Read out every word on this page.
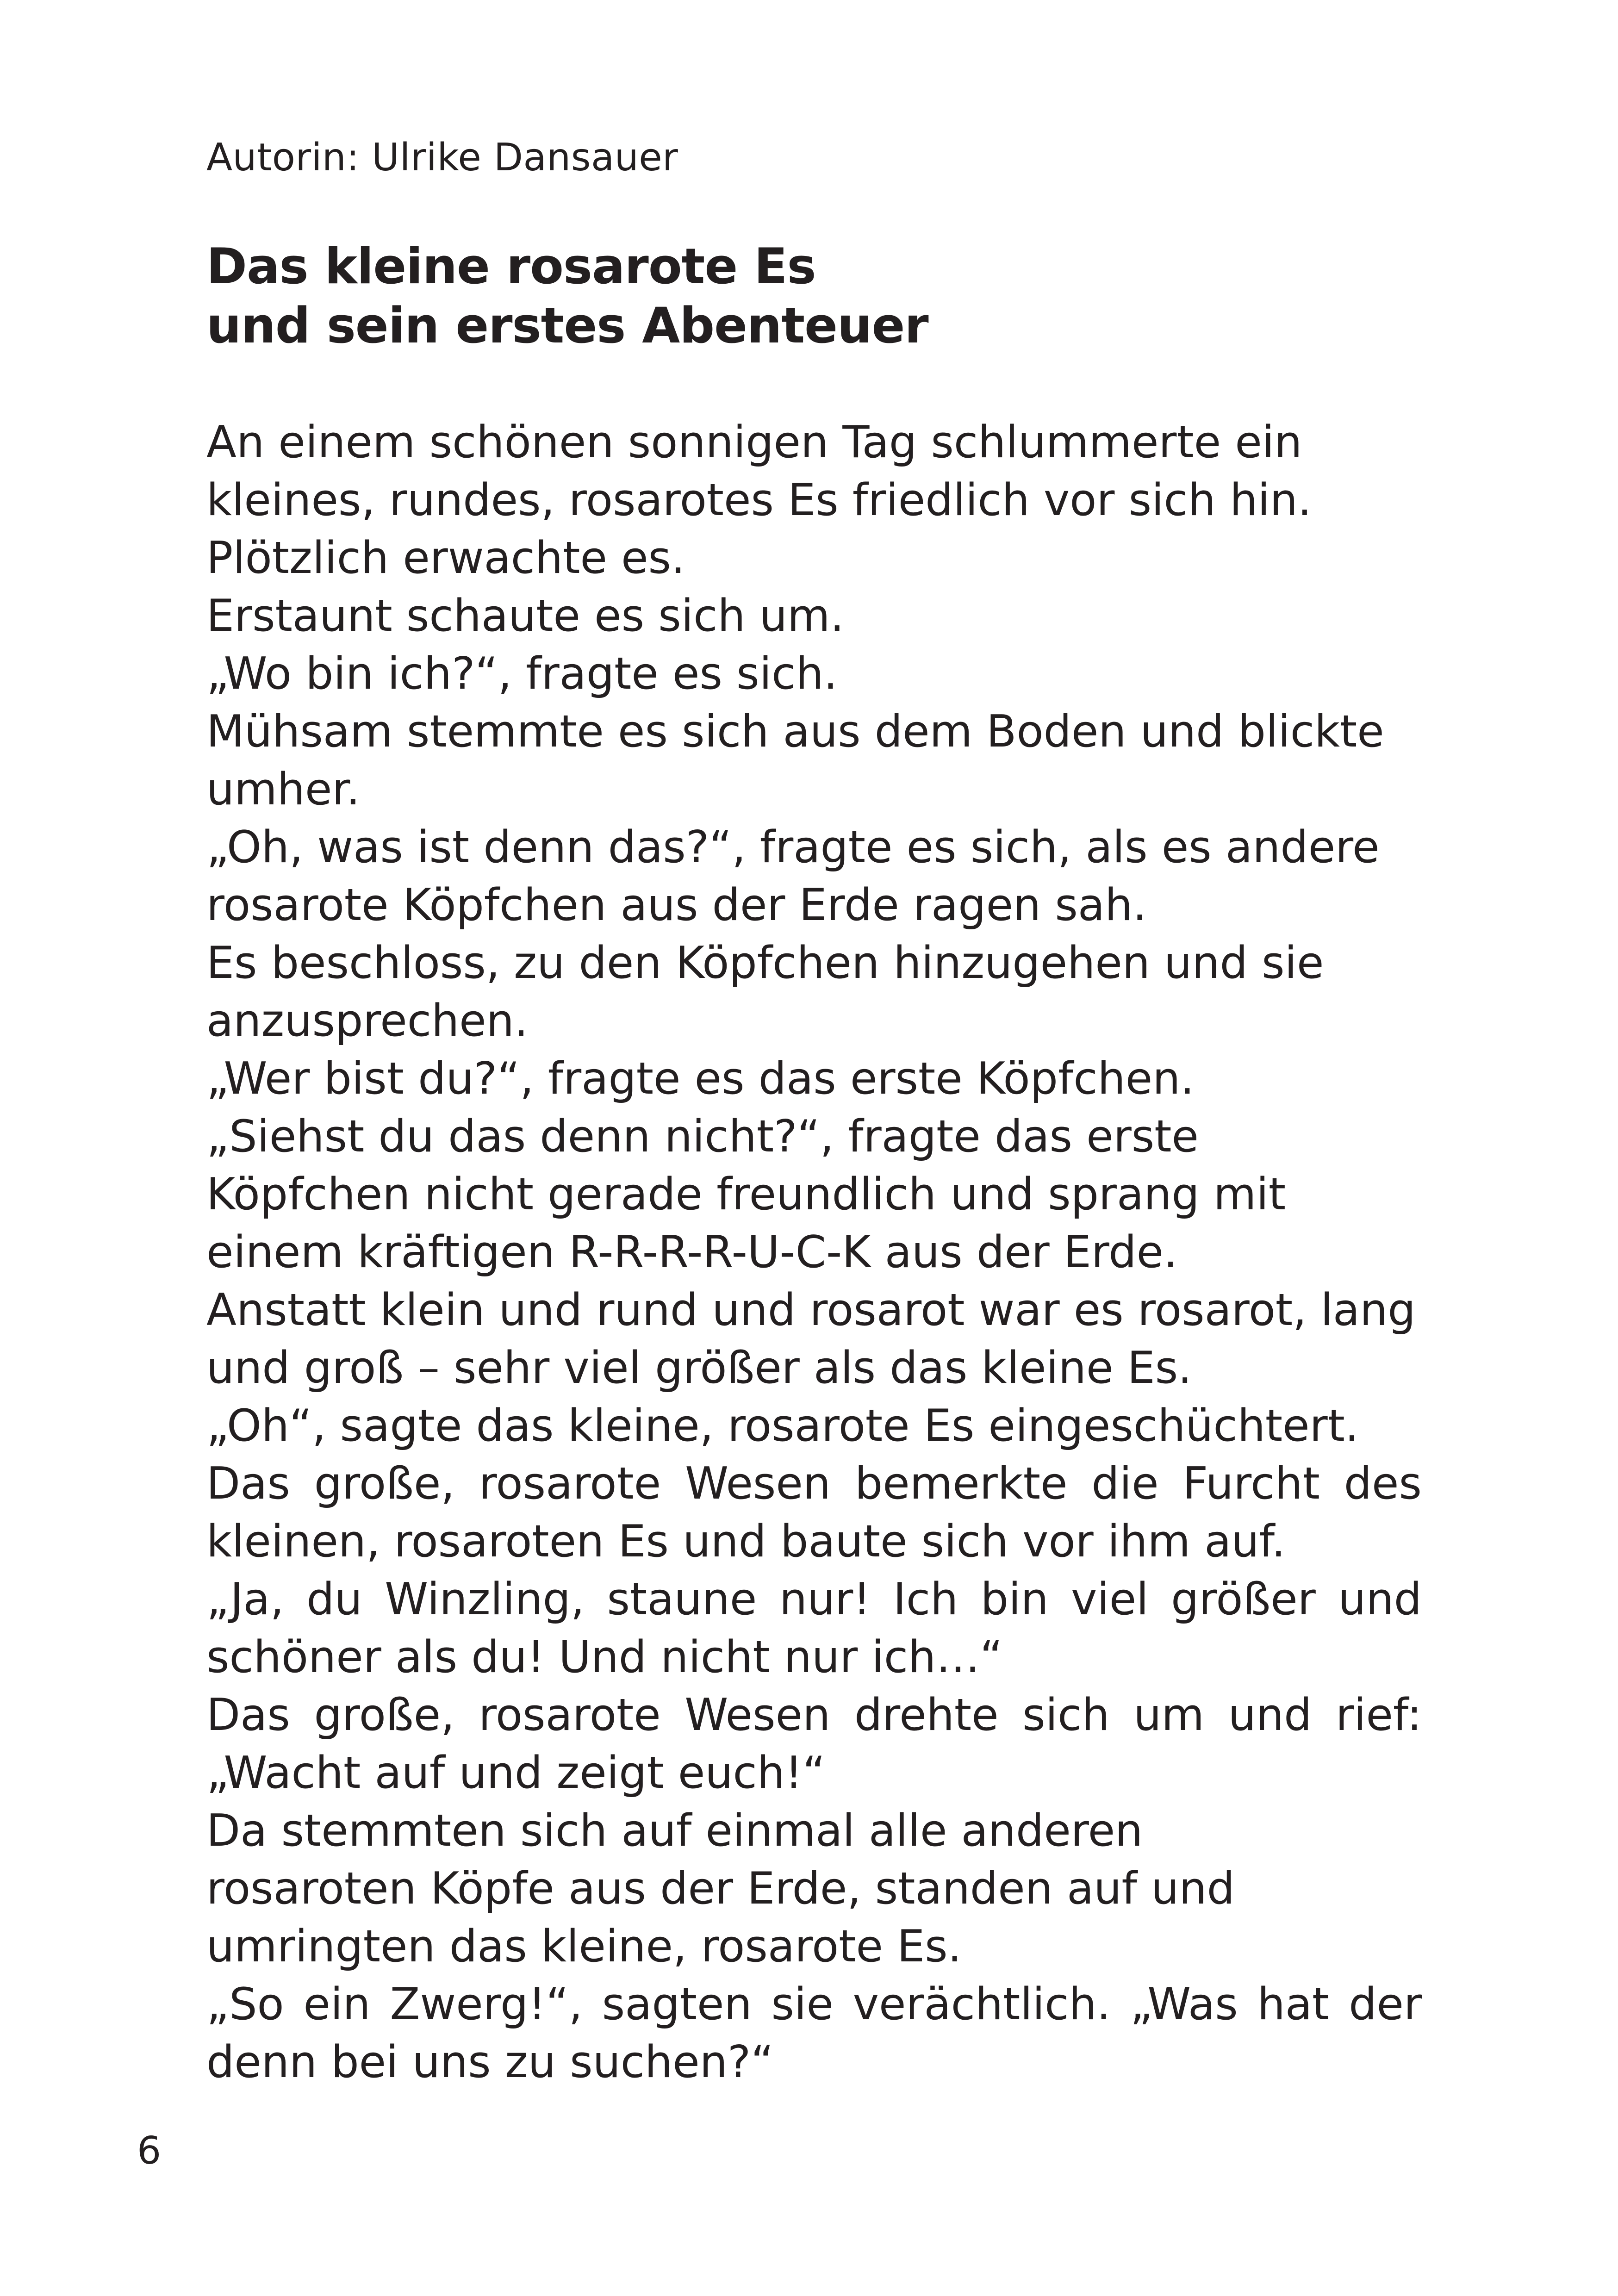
Autorin: Ulrike Dansauer
Das kleine rosarote Es
und sein erstes Abenteuer
An einem schönen sonnigen Tag schlummerte ein
kleines, rundes, rosarotes Es friedlich vor sich hin.
Plötzlich erwachte es.
Erstaunt schaute es sich um.
„Wo bin ich?“, fragte es sich.
Mühsam stemmte es sich aus dem Boden und blickte
umher.
„Oh, was ist denn das?“, fragte es sich, als es andere
rosarote Köpfchen aus der Erde ragen sah.
Es beschloss, zu den Köpfchen hinzugehen und sie
anzusprechen.
„Wer bist du?“, fragte es das erste Köpfchen.
„Siehst du das denn nicht?“, fragte das erste
Köpfchen nicht gerade freundlich und sprang mit
einem kräftigen R-R-R-R-U-C-K aus der Erde.
Anstatt klein und rund und rosarot war es rosarot, lang
und groß – sehr viel größer als das kleine Es.
„Oh“, sagte das kleine, rosarote Es eingeschüchtert.
Das große, rosarote Wesen bemerkte die Furcht des
kleinen, rosaroten Es und baute sich vor ihm auf.
„Ja, du Winzling, staune nur! Ich bin viel größer und
schöner als du! Und nicht nur ich…“
Das große, rosarote Wesen drehte sich um und rief:
„Wacht auf und zeigt euch!“
Da stemmten sich auf einmal alle anderen
rosaroten Köpfe aus der Erde, standen auf und
umringten das kleine, rosarote Es.
„So ein Zwerg!“, sagten sie verächtlich. „Was hat der
denn bei uns zu suchen?“
6
